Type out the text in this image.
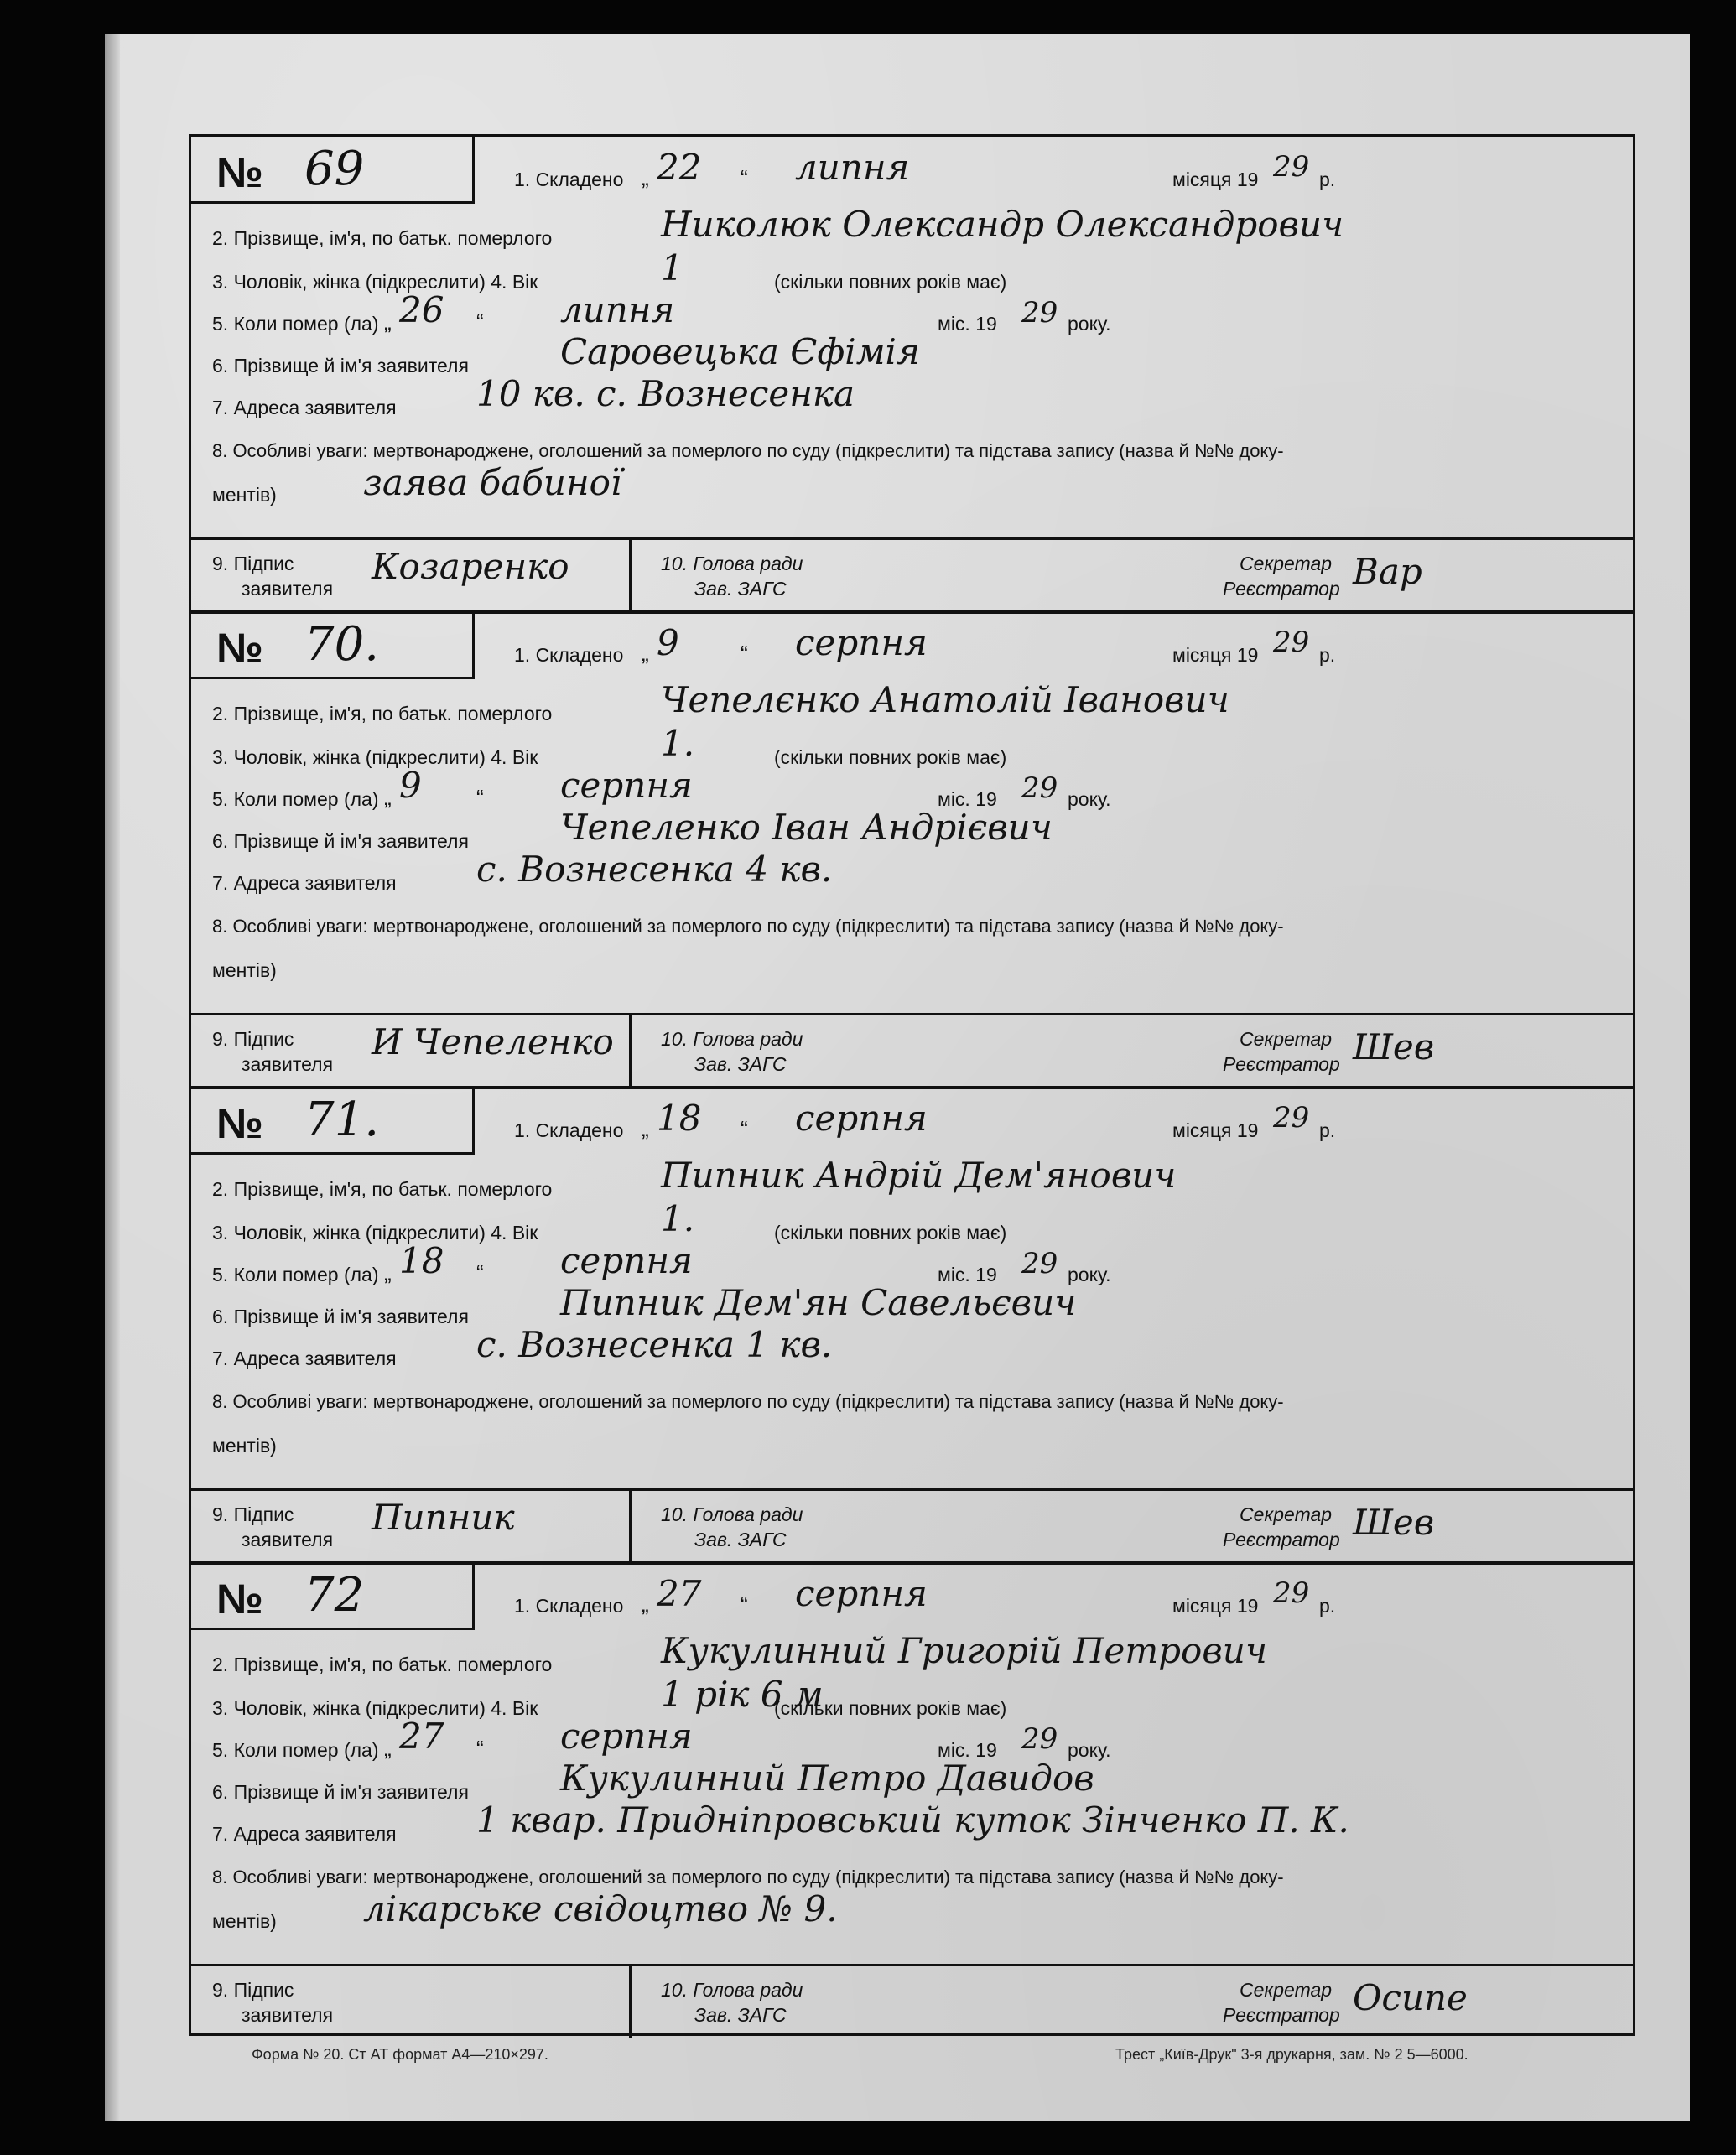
№ 69	1. Складено „ 22 “ липня	місяця 19 29 р.
2. Прізвище, ім'я, по батьк. померлого	Николюк Олександр Олександрович
3. Чоловік, жінка (підкреслити) 4. Вік	1	(скільки повних років має)
5. Коли помер (ла) „ 26 “ липня	міс. 19 29 року.
6. Прізвище й ім'я заявителя	Саровецька Єфімія
7. Адреса заявителя 10 кв. с. Вознесенка
8. Особливі уваги: мертвонароджене, оголошений за померлого по суду (підкреслити) та підстава запису (назва й №№ доку-
ментів) заява бабиної
9. Підпис
заявителя
Козаренко	10. Голова ради
Зав. ЗАГС
Секретар
Реєстратор Bap
№ 70.	1. Складено „ 9	“ серпня	місяця 19 29 р.
2. Прізвище, ім'я, по батьк. померлого	Чепелєнко Анатолій Іванович
3. Чоловік, жінка (підкреслити) 4. Вік	1.	(скільки повних років має)
5. Коли помер (ла) „ 9	“ серпня	міс. 19 29 року.
6. Прізвище й ім'я заявителя	Чепеленко Іван Андрієвич
7. Адреса заявителя с. Вознесенка 4 кв.
8. Особливі уваги: мертвонароджене, оголошений за померлого по суду (підкреслити) та підстава запису (назва й №№ доку-
ментів)
9. Підпис
заявителя
И Чепеленко 10. Голова ради
Зав. ЗАГС
Секретар
Реєстратор Шев
№ 71.	1. Складено „ 18 “ серпня	місяця 19 29 р.
2. Прізвище, ім'я, по батьк. померлого	Пипник Андрій Дем'янович
3. Чоловік, жінка (підкреслити) 4. Вік	1.	(скільки повних років має)
5. Коли помер (ла) „ 18 “ серпня	міс. 19 29 року.
6. Прізвище й ім'я заявителя	Пипник Дем'ян Савельєвич
7. Адреса заявителя с. Вознесенка 1 кв.
8. Особливі уваги: мертвонароджене, оголошений за померлого по суду (підкреслити) та підстава запису (назва й №№ доку-
ментів)
9. Підпис
заявителя
Пипник	10. Голова ради
Зав. ЗАГС
Секретар
Реєстратор Шев
№ 72	1. Складено „ 27 “ серпня	місяця 19 29 р.
2. Прізвище, ім'я, по батьк. померлого	Кукулинний Григорій Петрович
3. Чоловік, жінка (підкреслити) 4. Вік	1 рік 6 м
(скільки повних років має)
5. Коли помер (ла) „ 27 “ серпня	міс. 19 29 року.
6. Прізвище й ім'я заявителя	Кукулинний Петро Давидов
7. Адреса заявителя 1 квар. Придніпровський куток Зінченко П. К.
8. Особливі уваги: мертвонароджене, оголошений за померлого по суду (підкреслити) та підстава запису (назва й №№ доку-
ментів) лікарське свідоцтво № 9.
9. Підпис
заявителя
10. Голова ради
Зав. ЗАГС
Секретар
Реєстратор Осипе
Форма № 20. Ст АТ формат А4—210×297.	Трест „Київ-Друк" 3-я друкарня, зам. № 2 5—6000.
